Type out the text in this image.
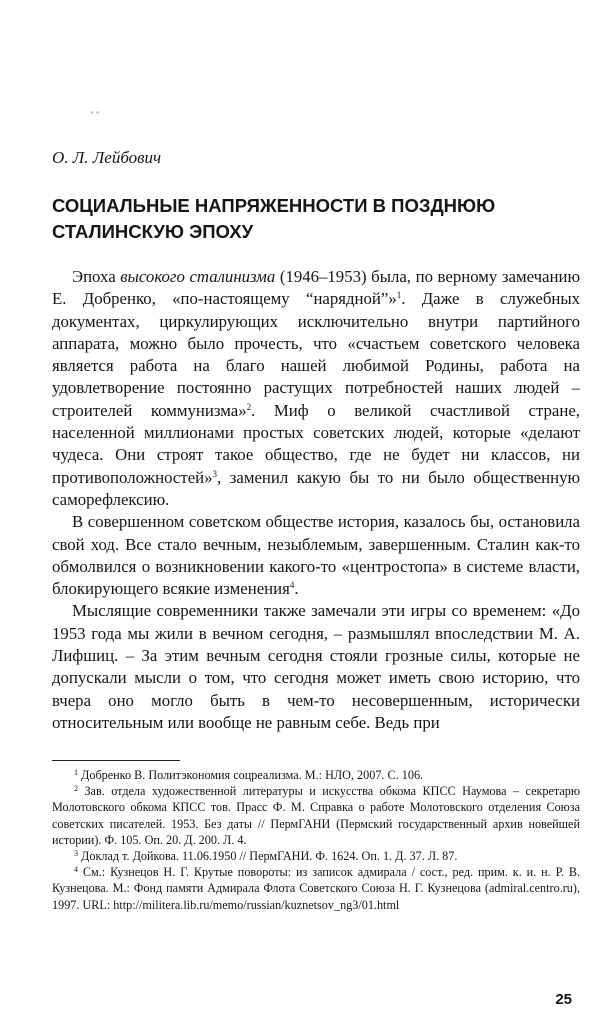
" "
О. Л. Лейбович
СОЦИАЛЬНЫЕ НАПРЯЖЕННОСТИ В ПОЗДНЮЮ СТАЛИНСКУЮ ЭПОХУ

Эпоха высокого сталинизма (1946–1953) была, по верному замечанию Е. Добренко, «по-настоящему “нарядной”»$^1$. Даже в служебных документах, циркулирующих исключительно внутри партийного аппарата, можно было прочесть, что «счастьем советского человека является работа на благо нашей любимой Родины, работа на удовлетворение постоянно растущих потребностей наших людей – строителей коммунизма»$^2$. Миф о великой счастливой стране, населенной миллионами простых советских людей, которые «делают чудеса. Они строят такое общество, где не будет ни классов, ни противоположностей»$^3$, заменил какую бы то ни было общественную саморефлексию.

В совершенном советском обществе история, казалось бы, остановила свой ход. Все стало вечным, незыблемым, завершенным. Сталин как-то обмолвился о возникновении какого-то «центростопа» в системе власти, блокирующего всякие изменения$^4$.

Мыслящие современники также замечали эти игры со временем: «До 1953 года мы жили в вечном сегодня, – размышлял впоследствии М. А. Лифшиц. – За этим вечным сегодня стояли грозные силы, которые не допускали мысли о том, что сегодня может иметь свою историю, что вчера оно могло быть в чем-то несовершенным, исторически относительным или вообще не равным себе. Ведь при

$^1$ Добренко В. Политэкономия соцреализма. М.: НЛО, 2007. С. 106.

$^2$ Зав. отдела художественной литературы и искусства обкома КПСС Наумова – секретарю Молотовского обкома КПСС тов. Прасс Ф. М. Справка о работе Молотовского отделения Союза советских писателей. 1953. Без даты // ПермГАНИ (Пермский государственный архив новейшей истории). Ф. 105. Оп. 20. Д. 200. Л. 4.

$^3$ Доклад т. Дойкова. 11.06.1950 // ПермГАНИ. Ф. 1624. Оп. 1. Д. 37. Л. 87.

$^4$ См.: Кузнецов Н. Г. Крутые повороты: из записок адмирала / сост., ред. прим. к. и. н. Р. В. Кузнецова. М.: Фонд памяти Адмирала Флота Советского Союза Н. Г. Кузнецова (admiral.centro.ru), 1997. URL: http://militera.lib.ru/memo/russian/kuznetsov_ng3/01.html

25
